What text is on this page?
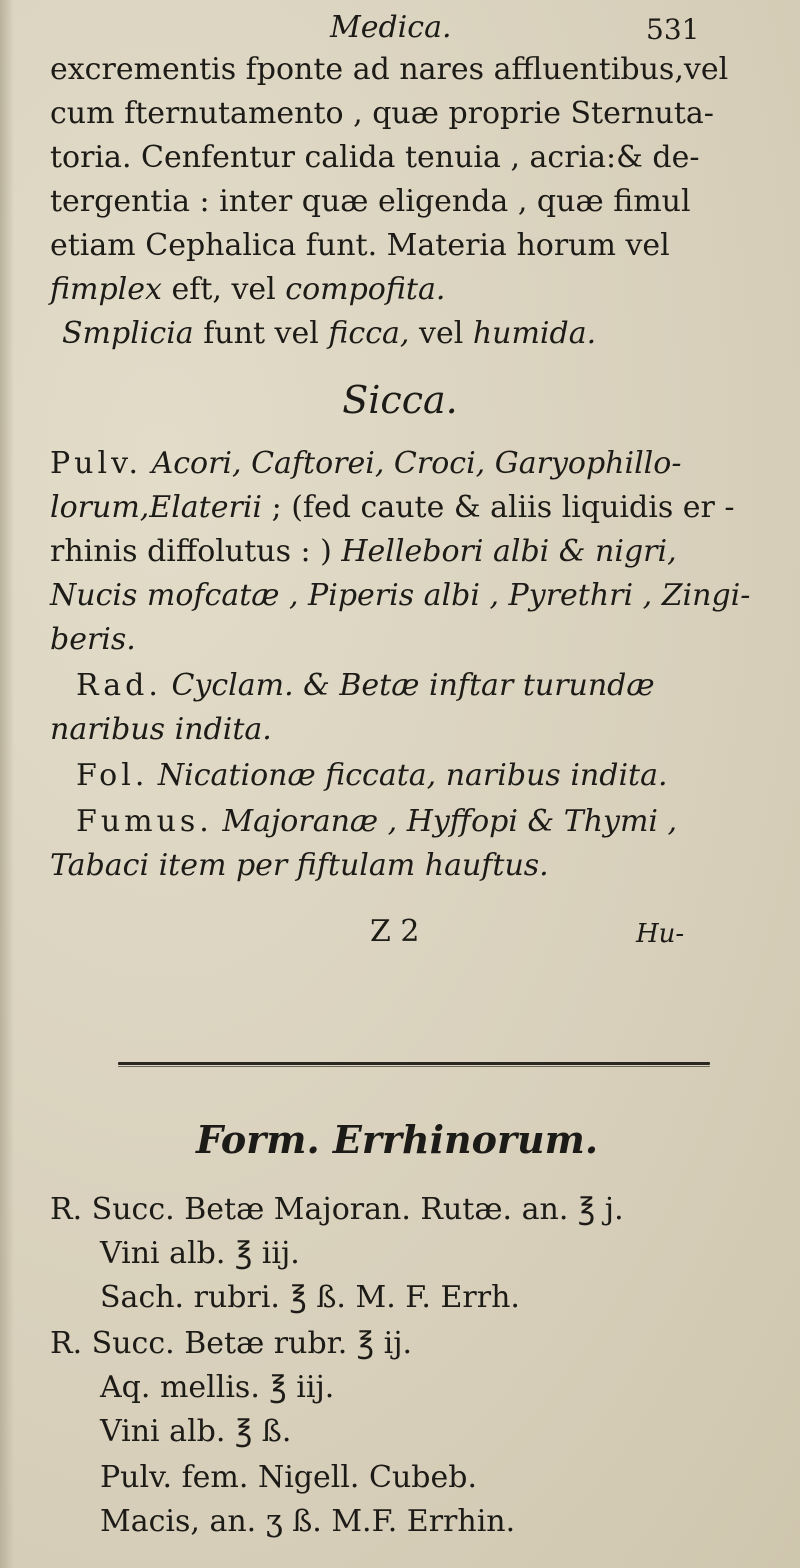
Medica.	531
excrementis fponte ad nares affluentibus,vel
cum fternutamento , quæ proprie Sternuta-
toria. Cenfentur calida tenuia , acria:& de-
tergentia : inter quæ eligenda , quæ fimul
etiam Cephalica funt. Materia horum vel
fimplex eft, vel compofita.
Smplicia funt vel ficca, vel humida.
Sicca.
Pulv. Acori, Caftorei, Croci, Garyophillo-
lorum,Elaterii ; (fed caute & aliis liquidis er -
rhinis diffolutus : ) Hellebori albi & nigri,
Nucis mofcatæ , Piperis albi , Pyrethri , Zingi-
beris.
Rad. Cyclam. & Betæ inftar turundæ
naribus indita.
Fol. Nicationæ ficcata, naribus indita.
Fumus. Majoranæ , Hyffopi & Thymi ,
Tabaci item per fiftulam hauftus.
Z 2	Hu-
Form. Errhinorum.
R. Succ. Betæ Majoran. Rutæ. an. ℥ j.
Vini alb. ℥ iij.
Sach. rubri. ℥ ß. M. F. Errh.
R. Succ. Betæ rubr. ℥ ij.
Aq. mellis. ℥ iij.
Vini alb. ℥ ß.
Pulv. fem. Nigell. Cubeb.
Macis, an. ʒ ß. M.F. Errhin.
